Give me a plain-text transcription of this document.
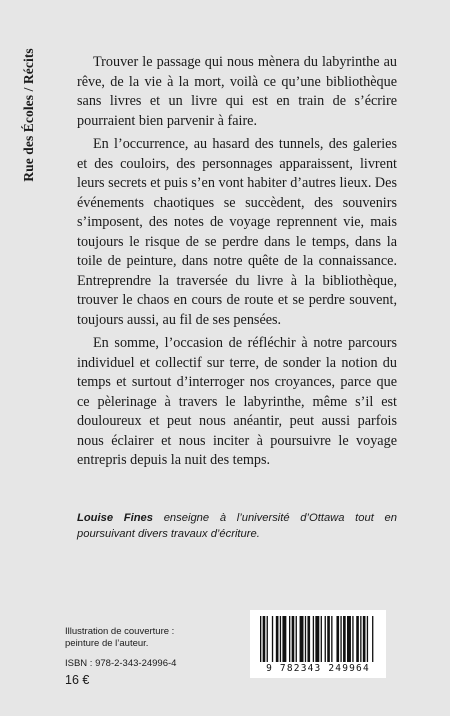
Rue des Écoles / Récits	Trouver le passage qui nous mènera du labyrinthe au rêve, de la vie à la mort, voilà ce qu’une bibliothèque sans livres et un livre qui est en train de s’écrire pourraient bien parvenir à faire.

En l’occurrence, au hasard des tunnels, des galeries et des couloirs, des personnages apparaissent, livrent leurs secrets et puis s’en vont habiter d’autres lieux. Des événements chaotiques se succèdent, des souvenirs s’imposent, des notes de voyage reprennent vie, mais toujours le risque de se perdre dans le temps, dans la toile de peinture, dans notre quête de la connaissance. Entreprendre la traversée du livre à la bibliothèque, trouver le chaos en cours de route et se perdre souvent, toujours aussi, au fil de ses pensées.

En somme, l’occasion de réfléchir à notre parcours individuel et collectif sur terre, de sonder la notion du temps et surtout d’interroger nos croyances, parce que ce pèlerinage à travers le labyrinthe, même s’il est douloureux et peut nous anéantir, peut aussi parfois nous éclairer et nous inciter à poursuivre le voyage entrepris depuis la nuit des temps.

Louise Fines enseigne à l’université d’Ottawa tout en poursuivant divers travaux d’écriture.

Illustration de couverture :
peinture de l’auteur.
ISBN : 978-2-343-24996-4
16 €
9 782343 249964
